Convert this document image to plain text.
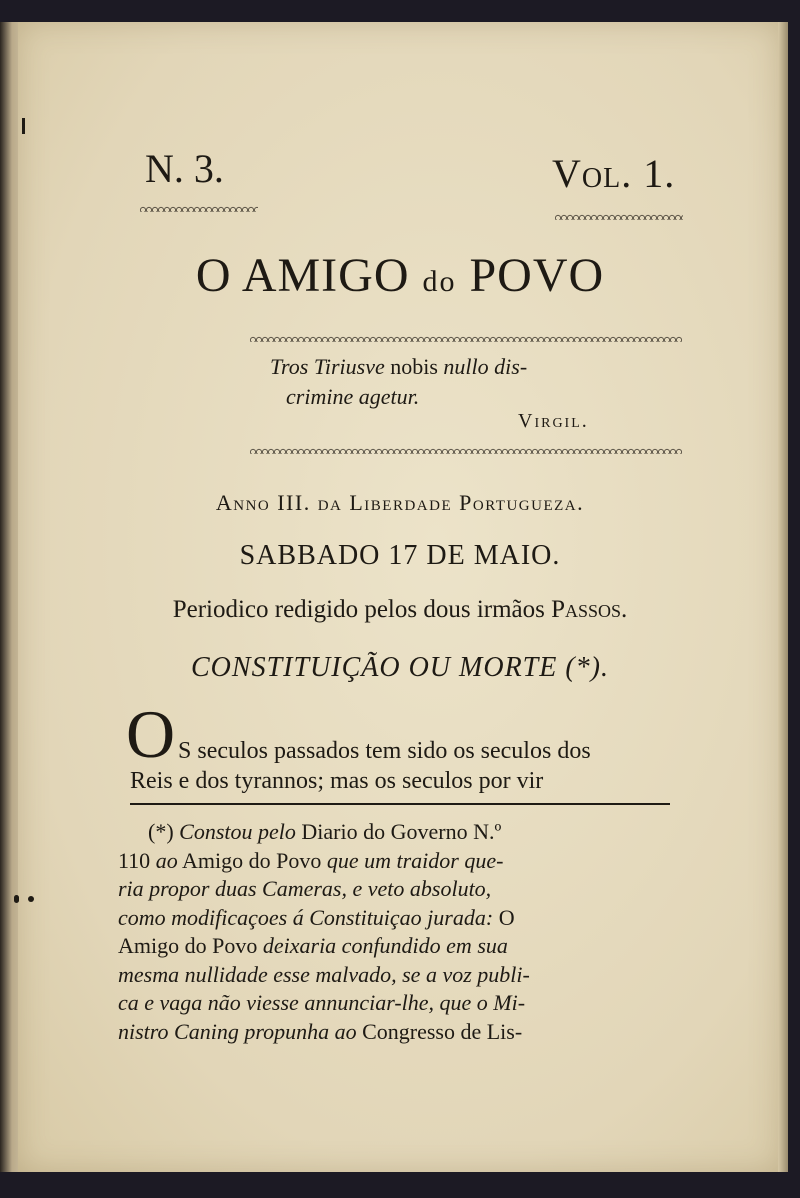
N. 3.	Vol. 1.
O AMIGO do POVO
Tros Tiriusve nobis nullo dis-
crimine agetur.
Virgil.
Anno III. da Liberdade Portugueza.
SABBADO 17 DE MAIO.
Periodico redigido pelos dous irmãos Passos.
CONSTITUIÇÃO OU MORTE (*).
O S seculos passados tem sido os seculos dos
Reis e dos tyrannos; mas os seculos por vir
(*) Constou pelo Diario do Governo N.º
110 ao Amigo do Povo que um traidor que-
ria propor duas Cameras, e veto absoluto,
como modificaçoes á Constituiçao jurada: O
Amigo do Povo deixaria confundido em sua
mesma nullidade esse malvado, se a voz publi-
ca e vaga não viesse annunciar-lhe, que o Mi-
nistro Caning propunha ao Congresso de Lis-
